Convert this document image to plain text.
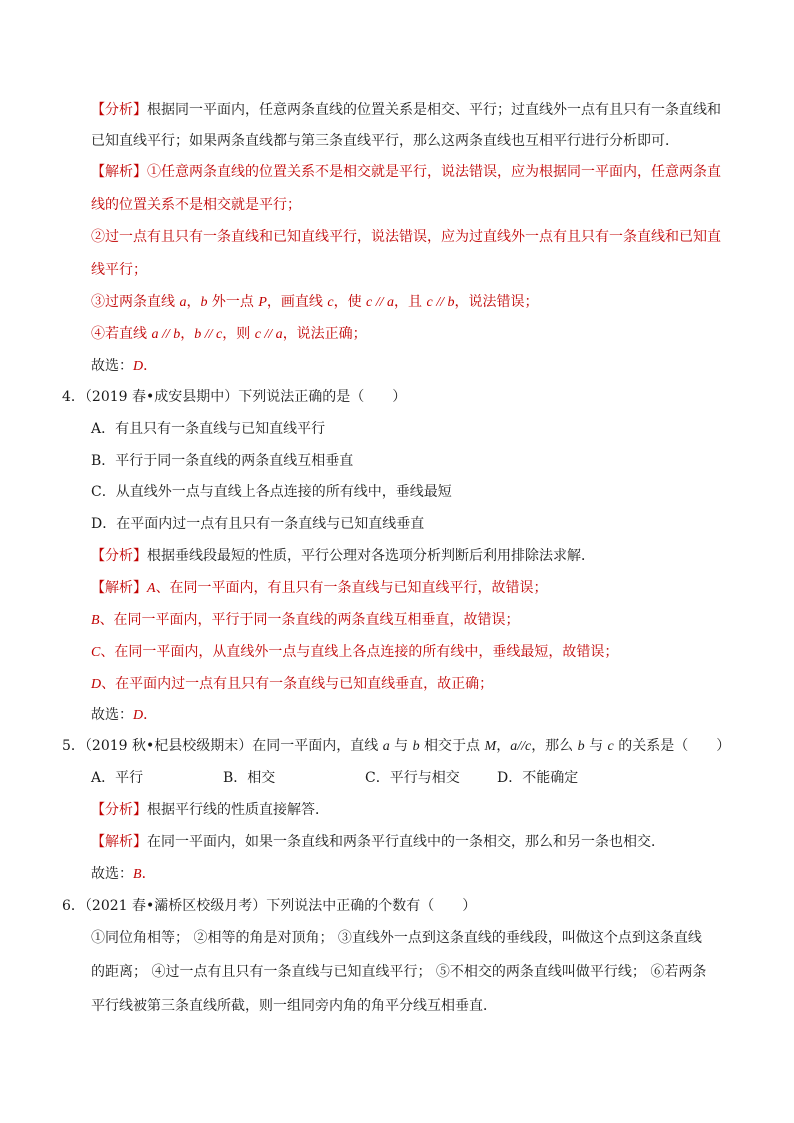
【分析】根据同一平面内，任意两条直线的位置关系是相交、平行；过直线外一点有且只有一条直线和
已知直线平行；如果两条直线都与第三条直线平行，那么这两条直线也互相平行进行分析即可．
【解析】①任意两条直线的位置关系不是相交就是平行，说法错误，应为根据同一平面内，任意两条直
线的位置关系不是相交就是平行；
②过一点有且只有一条直线和已知直线平行，说法错误，应为过直线外一点有且只有一条直线和已知直
线平行；
③过两条直线 a，b 外一点 P，画直线 c，使 c // a，且 c // b，说法错误；
④若直线 a // b，b // c，则 c // a，说法正确；
故选：D．
4．（2019 春•成安县期中）下列说法正确的是（　　）
A．有且只有一条直线与已知直线平行
B．平行于同一条直线的两条直线互相垂直
C．从直线外一点与直线上各点连接的所有线中，垂线最短
D．在平面内过一点有且只有一条直线与已知直线垂直
【分析】根据垂线段最短的性质，平行公理对各选项分析判断后利用排除法求解．
【解析】A、在同一平面内，有且只有一条直线与已知直线平行，故错误；
B、在同一平面内，平行于同一条直线的两条直线互相垂直，故错误；
C、在同一平面内，从直线外一点与直线上各点连接的所有线中，垂线最短，故错误；
D、在平面内过一点有且只有一条直线与已知直线垂直，故正确；
故选：D．
5．（2019 秋•杞县校级期末）在同一平面内，直线 a 与 b 相交于点 M，a//c，那么 b 与 c 的关系是（　　）
A．平行	B．相交	C．平行与相交	D．不能确定
【分析】根据平行线的性质直接解答．
【解析】在同一平面内，如果一条直线和两条平行直线中的一条相交，那么和另一条也相交．
故选：B．
6．（2021 春•灞桥区校级月考）下列说法中正确的个数有（　　）
①同位角相等； ②相等的角是对顶角； ③直线外一点到这条直线的垂线段，叫做这个点到这条直线
的距离； ④过一点有且只有一条直线与已知直线平行； ⑤不相交的两条直线叫做平行线； ⑥若两条
平行线被第三条直线所截，则一组同旁内角的角平分线互相垂直．
